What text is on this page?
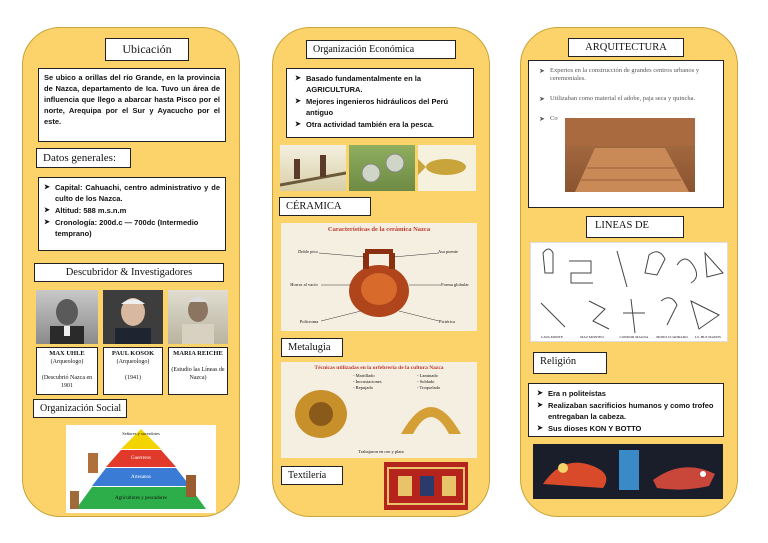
Ubicación
Se ubico a orillas del río Grande, en la provincia de Nazca, departamento de Ica. Tuvo un área de influencia que llego a abarcar hasta Pisco por el norte, Arequipa por el Sur y Ayacucho por el este.
Datos generales:
➤ Capital: Cahuachi, centro administrativo y de culto de los Nazca.
➤ Altitud: 588 m.s.n.m
➤ Cronología: 200d.c — 700dc (Intermedio temprano)
Descubridor & Investigadores
MAX UHLE
(Arqueologo)

(Descubrió Nazca en 1901
PAUL KOSOK
(Arqueologo)

(1941)
MARIA REICHE

(Estudio las Líneas de Nazca)
Organización Social
Señores y sacerdotes
Guerreros
Artesanos
Agricultores y pescadores
Organización Económica
➤ Basado fundamentalmente en la AGRICULTURA.
➤ Mejores ingenieros hidráulicos del Perú antiguo
➤ Otra actividad también era la pesca.
CÉRAMICA
Características de la cerámica Nazca
Doble pico	Asa puente
Horror al vacío	Forma globular
Policroma	Pictórica
Metalugia
Técnicas utilizadas en la orfebrería de la cultura Nazca
- Martillado
- Incrustaciones
- Repujado
- Laminado
- Soldado
- Troquelado
Trabajaron en oro y plata
Textilería
ARQUITECTURA
➤ Expertos en la construcción de grandes centros urbanos y ceremoniales.
➤ Utilizaban como material el adobe, paja seca y quincha.
➤ Co
LINEAS DE
CAVA MONTE	MAZ MONTEO	CONDOR MAGNA	MONO CUADRADO	LS. BLE MANOS
Religión
➤ Era n politeístas
➤ Realizaban sacrificios humanos y como trofeo entregaban la cabeza.
➤ Sus dioses KON Y BOTTO
